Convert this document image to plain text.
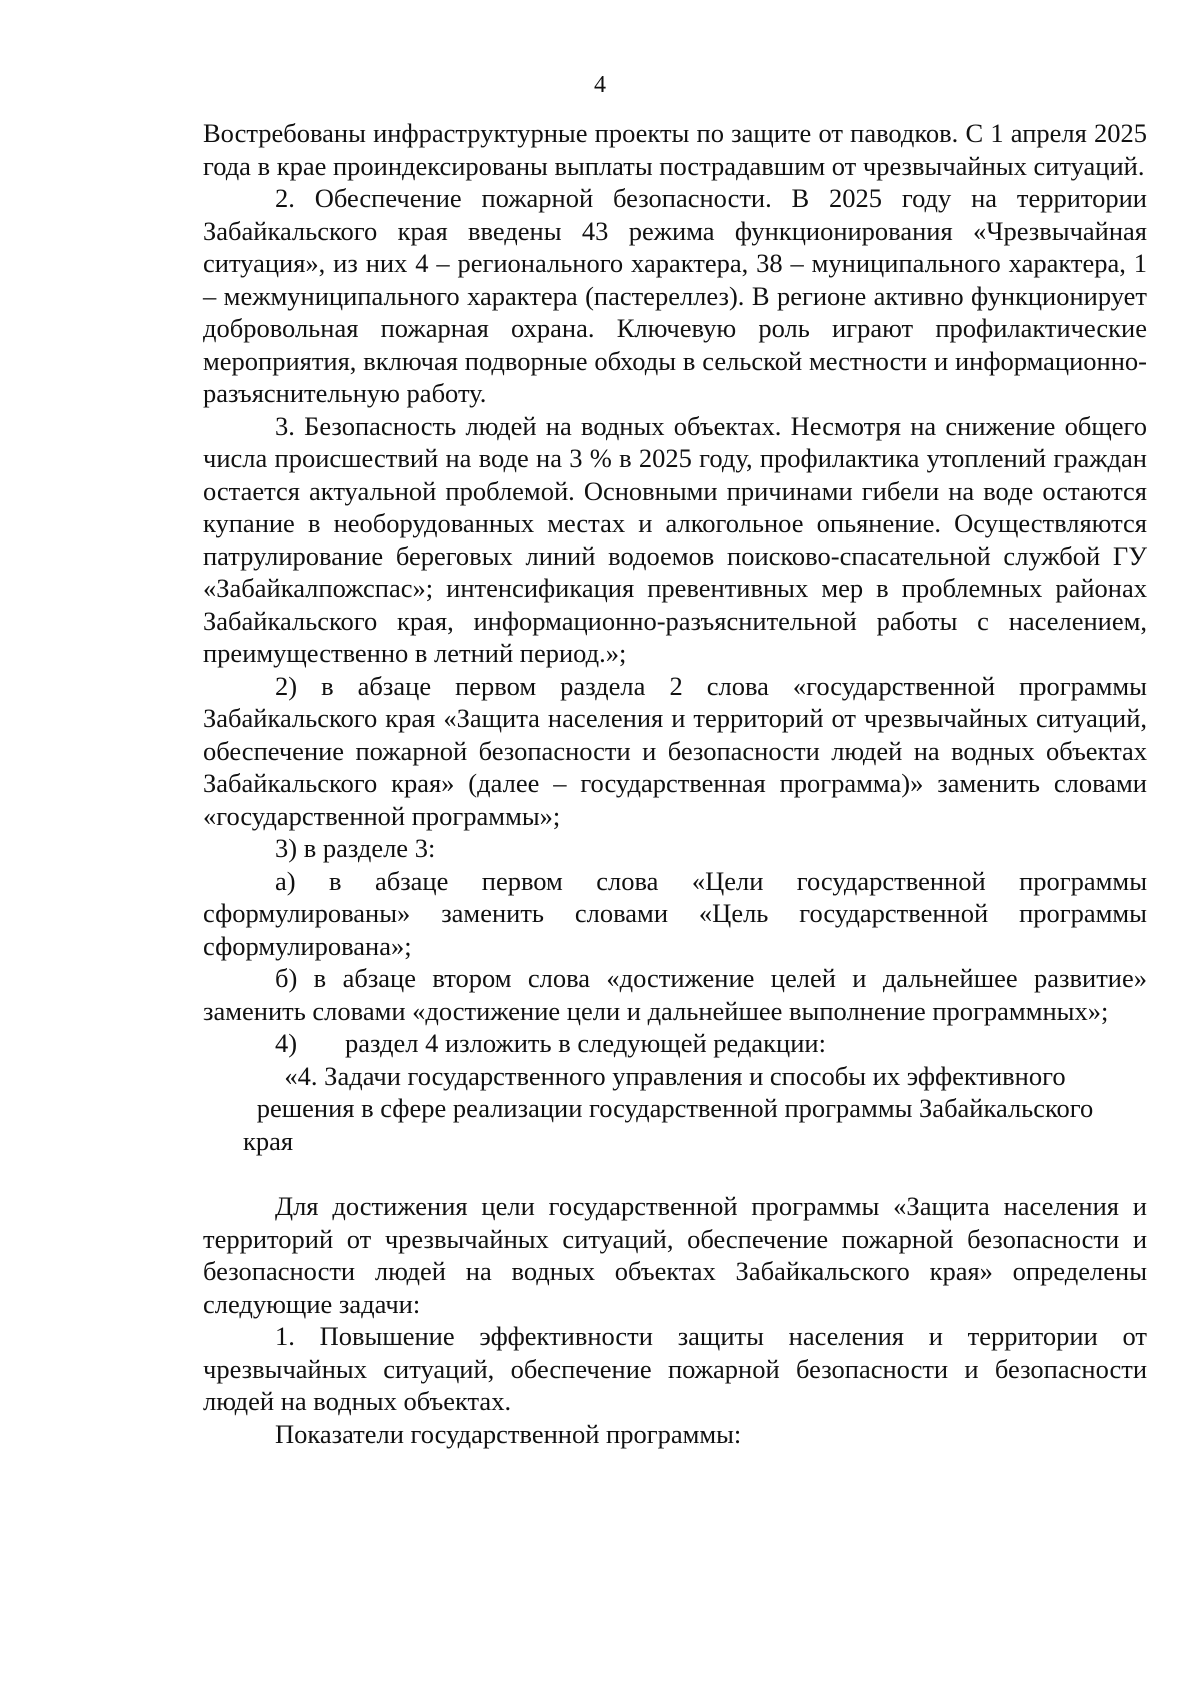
4

Востребованы инфраструктурные проекты по защите от паводков. С 1 апреля 2025 года в крае проиндексированы выплаты пострадавшим от чрезвычайных ситуаций.

2. Обеспечение пожарной безопасности. В 2025 году на территории Забайкальского края введены 43 режима функционирования «Чрезвычайная ситуация», из них 4 – регионального характера, 38 – муниципального характера, 1 – межмуниципального характера (пастереллез). В регионе активно функционирует добровольная пожарная охрана. Ключевую роль играют профилактические мероприятия, включая подворные обходы в сельской местности и информационно-разъяснительную работу.

3. Безопасность людей на водных объектах. Несмотря на снижение общего числа происшествий на воде на 3 % в 2025 году, профилактика утоплений граждан остается актуальной проблемой. Основными причинами гибели на воде остаются купание в необорудованных местах и алкогольное опьянение. Осуществляются патрулирование береговых линий водоемов поисково-спасательной службой ГУ «Забайкалпожспас»; интенсификация превентивных мер в проблемных районах Забайкальского края, информационно-разъяснительной работы с населением, преимущественно в летний период.»;

2) в абзаце первом раздела 2 слова «государственной программы Забайкальского края «Защита населения и территорий от чрезвычайных ситуаций, обеспечение пожарной безопасности и безопасности людей на водных объектах Забайкальского края» (далее – государственная программа)» заменить словами «государственной программы»;

3) в разделе 3:

а) в абзаце первом слова «Цели государственной программы сформулированы» заменить словами «Цель государственной программы сформулирована»;

б) в абзаце втором слова «достижение целей и дальнейшее развитие» заменить словами «достижение цели и дальнейшее выполнение программных»;

4) раздел 4 изложить в следующей редакции:

«4. Задачи государственного управления и способы их эффективного решения в сфере реализации государственной программы Забайкальского края

Для достижения цели государственной программы «Защита населения и территорий от чрезвычайных ситуаций, обеспечение пожарной безопасности и безопасности людей на водных объектах Забайкальского края» определены следующие задачи:

1. Повышение эффективности защиты населения и территории от чрезвычайных ситуаций, обеспечение пожарной безопасности и безопасности людей на водных объектах.

Показатели государственной программы:
